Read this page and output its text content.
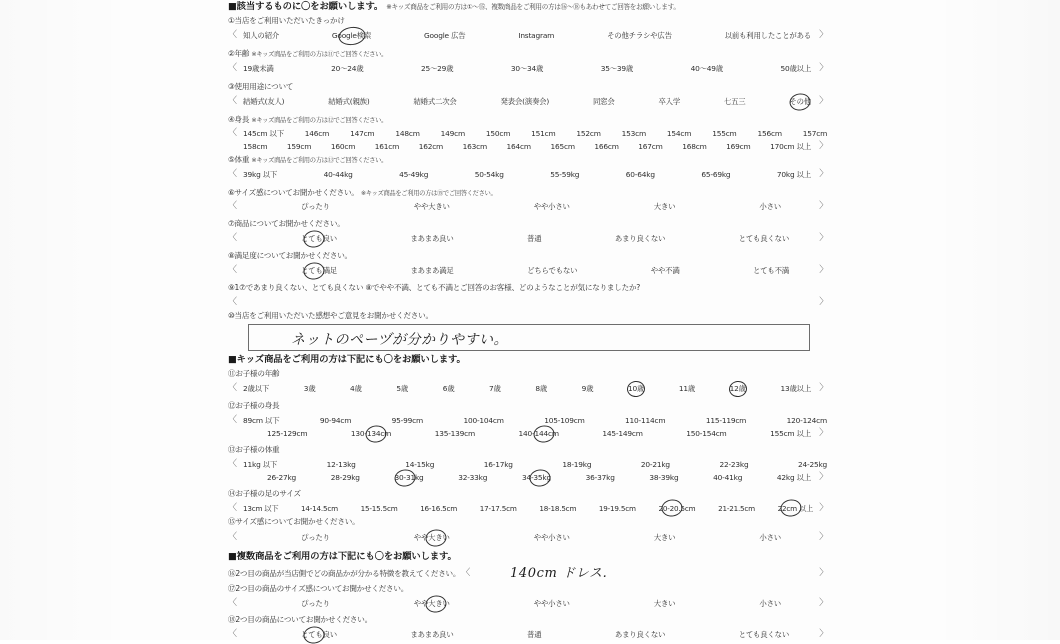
■該当するものに〇をお願いします。 ※キッズ商品をご利用の方は①〜⑮、複数商品をご利用の方は⑯〜⑱もあわせてご回答をお願いします。
①当店をご利用いただいたきっかけ
〈 知人の紹介	Google検索	Google 広告	Instagram	その他チラシや広告	以前も利用したことがある 〉
②年齢 ※キッズ商品をご利用の方は⑪でご回答ください。
〈 19歳未満	20〜24歳	25〜29歳	30〜34歳	35〜39歳	40〜49歳	50歳以上 〉
③使用用途について
〈 結婚式(友人)	結婚式(親族)	結婚式二次会	発表会(演奏会)	同窓会	卒入学	七五三	その他 〉
④身長 ※キッズ商品をご利用の方は⑫でご回答ください。
〈 145cm 以下	146cm	147cm	148cm	149cm	150cm	151cm	152cm	153cm	154cm	155cm	156cm	157cm
158cm	159cm	160cm	161cm	162cm	163cm	164cm	165cm	166cm	167cm	168cm	169cm	170cm 以上 〉
⑤体重 ※キッズ商品をご利用の方は⑬でご回答ください。
〈 39kg 以下	40-44kg	45-49kg	50-54kg	55-59kg	60-64kg	65-69kg	70kg 以上 〉
⑥サイズ感についてお聞かせください。 ※キッズ商品をご利用の方は⑮でご回答ください。
〈	ぴったり	やや大きい	やや小さい	大きい	小さい	〉
⑦商品についてお聞かせください。
〈	とても良い	まあまあ良い	普通	あまり良くない	とても良くない	〉
⑧満足度についてお聞かせください。
〈	とても満足	まあまあ満足	どちらでもない	やや不満	とても不満	〉
⑨1⑦であまり良くない、とても良くない ⑧でやや不満、とても不満とご回答のお客様、どのようなことが気になりましたか?
〈	〉
⑩当店をご利用いただいた感想やご意見をお聞かせください。
ネットのペーヅが分かりやすい。
■キッズ商品をご利用の方は下記にも〇をお願いします。
⑪お子様の年齢
〈 2歳以下	3歳	4歳	5歳	6歳	7歳	8歳	9歳	10歳	11歳	12歳	13歳以上 〉
⑫お子様の身長
〈 89cm 以下	90-94cm	95-99cm	100-104cm	105-109cm	110-114cm	115-119cm	120-124cm
125-129cm	130-134cm	135-139cm	140-144cm	145-149cm	150-154cm	155cm 以上 〉
⑬お子様の体重
〈 11kg 以下	12-13kg	14-15kg	16-17kg	18-19kg	20-21kg	22-23kg	24-25kg
26-27kg	28-29kg	30-31kg	32-33kg	34-35kg	36-37kg	38-39kg	40-41kg	42kg 以上 〉
⑭お子様の足のサイズ
〈 13cm 以下	14-14.5cm	15-15.5cm	16-16.5cm	17-17.5cm	18-18.5cm	19-19.5cm	20-20.5cm	21-21.5cm	22cm 以上 〉
⑮サイズ感についてお聞かせください。
〈	ぴったり	やや大きい	やや小さい	大きい	小さい	〉
■複数商品をご利用の方は下記にも〇をお願いします。
⑯2つ目の商品が当店側でどの商品かが分かる特徴を教えてください。 〈	140cm ドレス.	〉
⑰2つ目の商品のサイズ感についてお聞かせください。
〈	ぴったり	やや大きい	やや小さい	大きい	小さい	〉
⑱2つ目の商品についてお聞かせください。
〈	とても良い	まあまあ良い	普通	あまり良くない	とても良くない	〉
